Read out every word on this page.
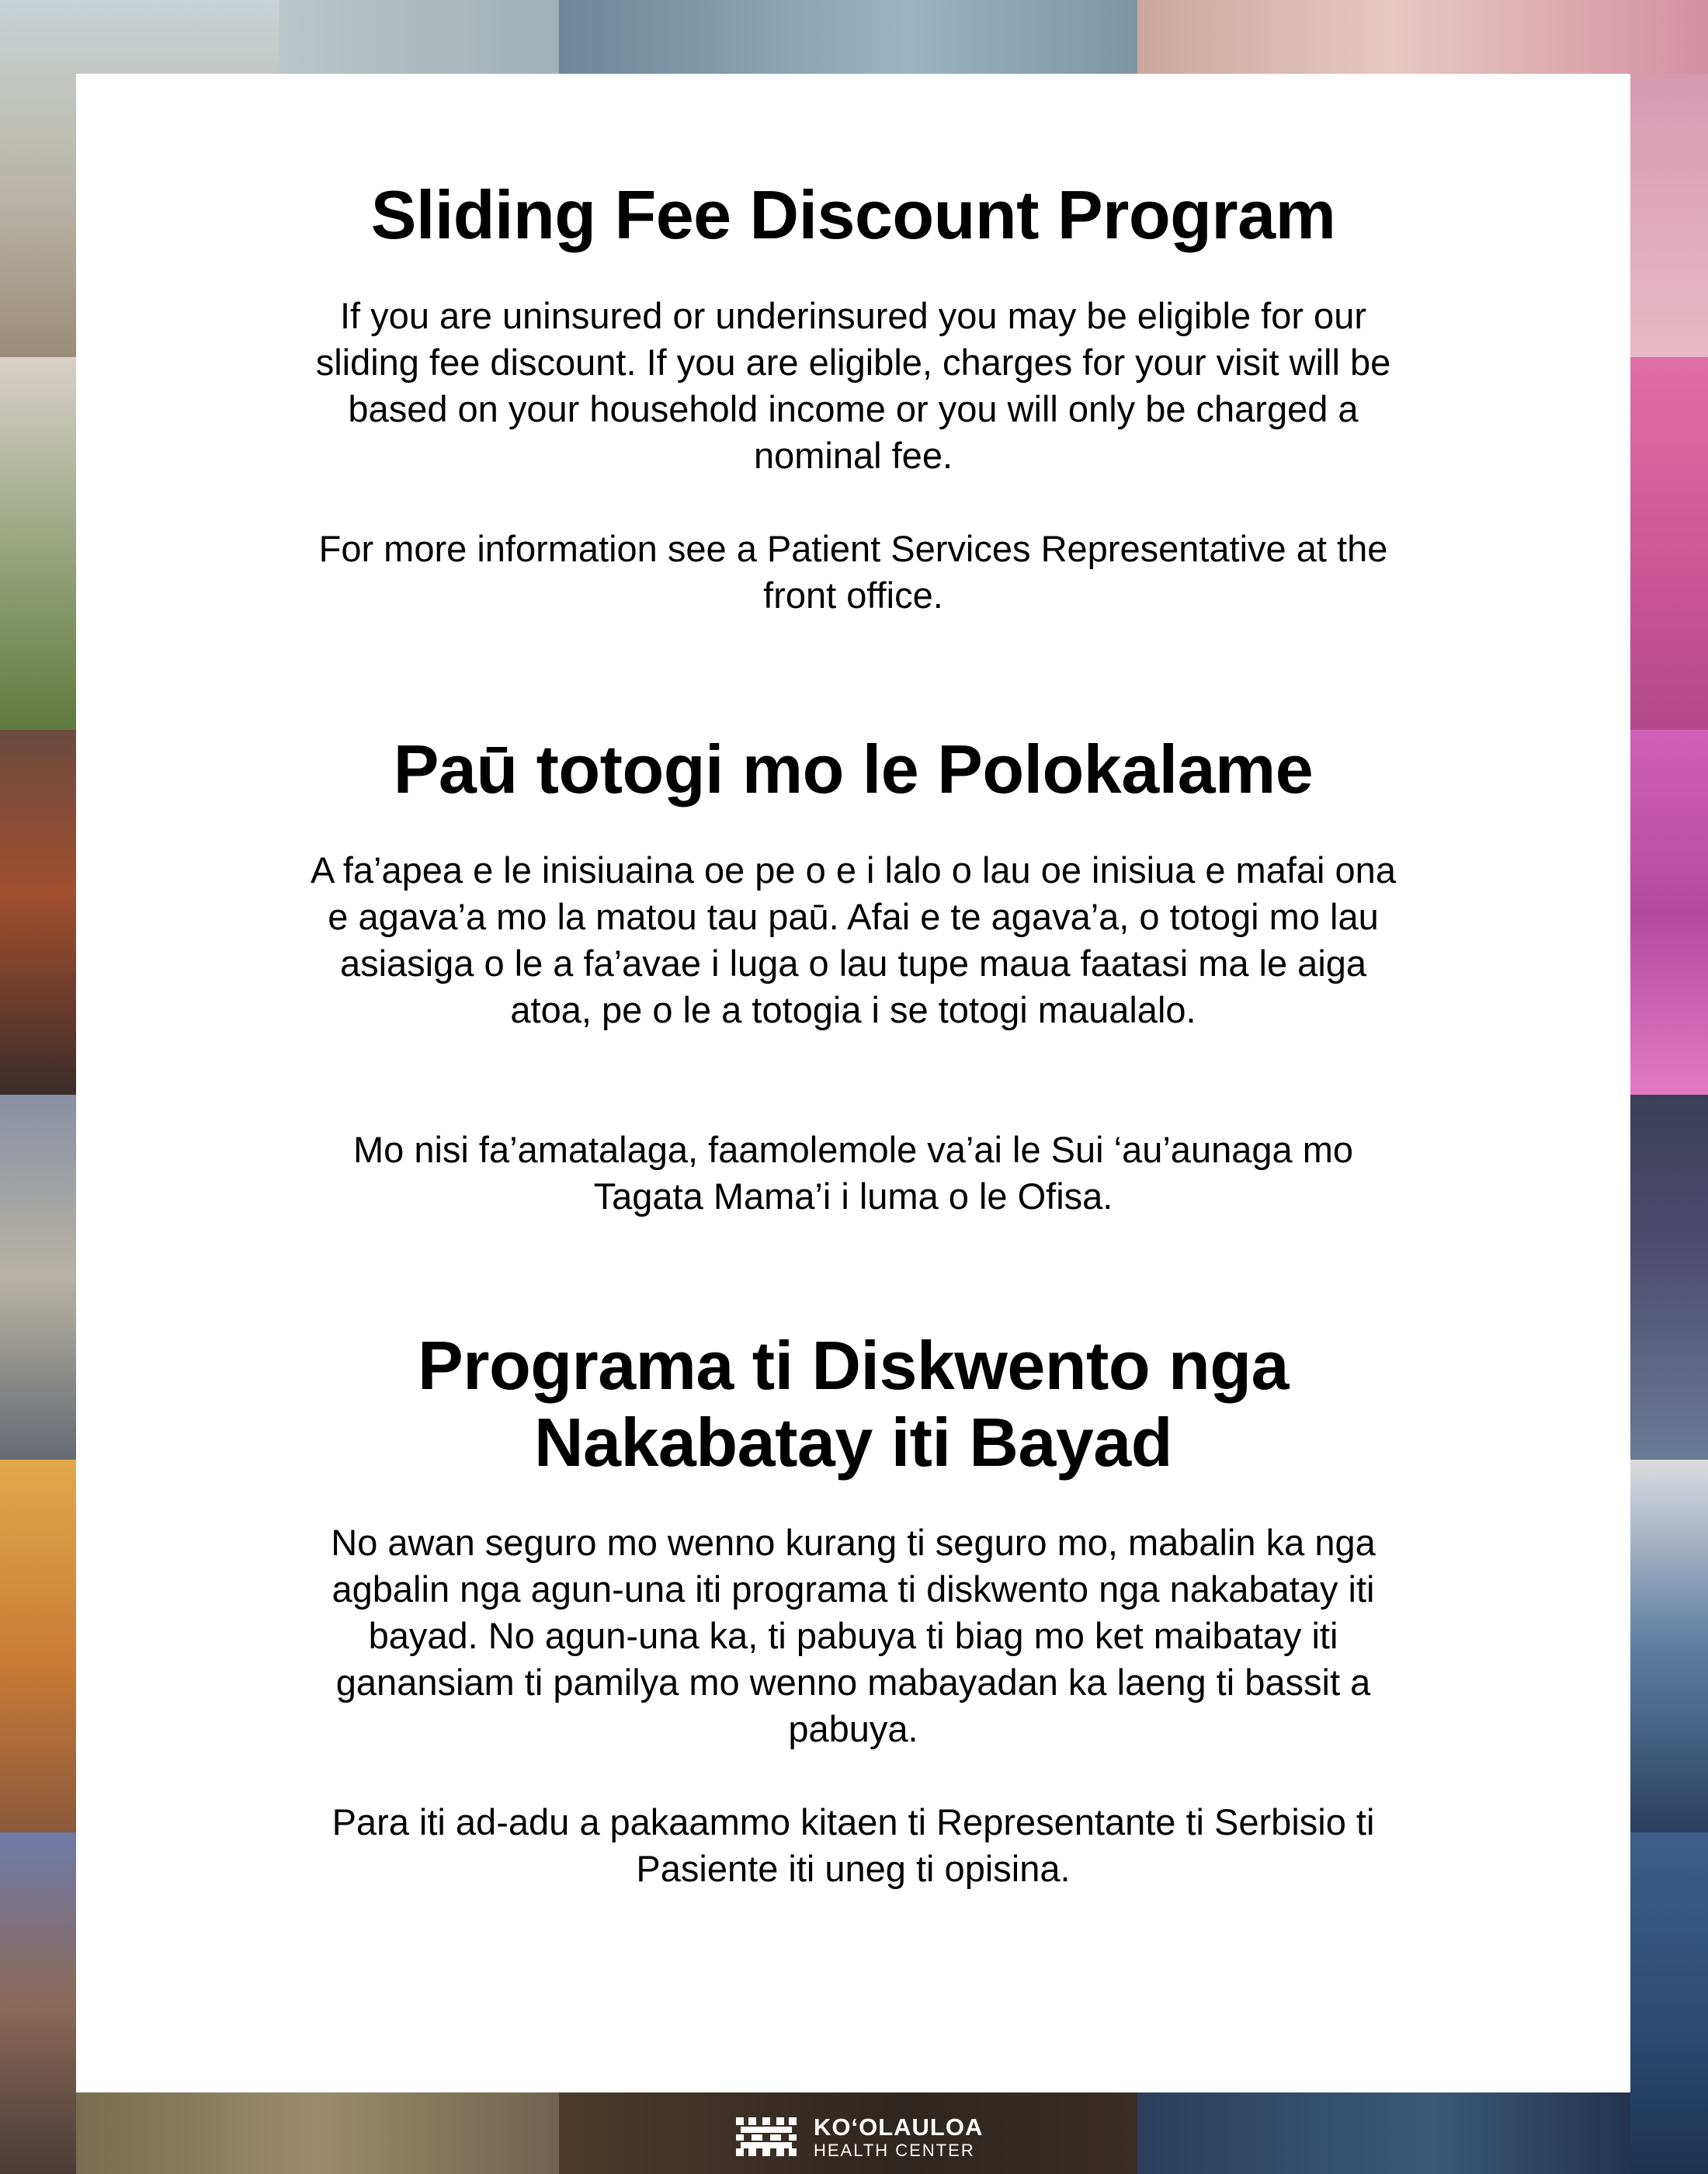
Sliding Fee Discount Program

If you are uninsured or underinsured you may be eligible for our sliding fee discount. If you are eligible, charges for your visit will be based on your household income or you will only be charged a nominal fee.

For more information see a Patient Services Representative at the front office.

Paū totogi mo le Polokalame

A fa’apea e le inisiuaina oe pe o e i lalo o lau oe inisiua e mafai ona e agava’a mo la matou tau paū. Afai e te agava’a, o totogi mo lau asiasiga o le a fa’avae i luga o lau tupe maua faatasi ma le aiga atoa, pe o le a totogia i se totogi maualalo.

Mo nisi fa’amatalaga, faamolemole va’ai le Sui ‘au’aunaga mo Tagata Mama’i i luma o le Ofisa.

Programa ti Diskwento nga
Nakabatay iti Bayad

No awan seguro mo wenno kurang ti seguro mo, mabalin ka nga agbalin nga agun-una iti programa ti diskwento nga nakabatay iti bayad. No agun-una ka, ti pabuya ti biag mo ket maibatay iti ganansiam ti pamilya mo wenno mabayadan ka laeng ti bassit a pabuya.

Para iti ad-adu a pakaammo kitaen ti Representante ti Serbisio ti Pasiente iti uneg ti opisina.

KO‘OLAULOA
HEALTH CENTER
